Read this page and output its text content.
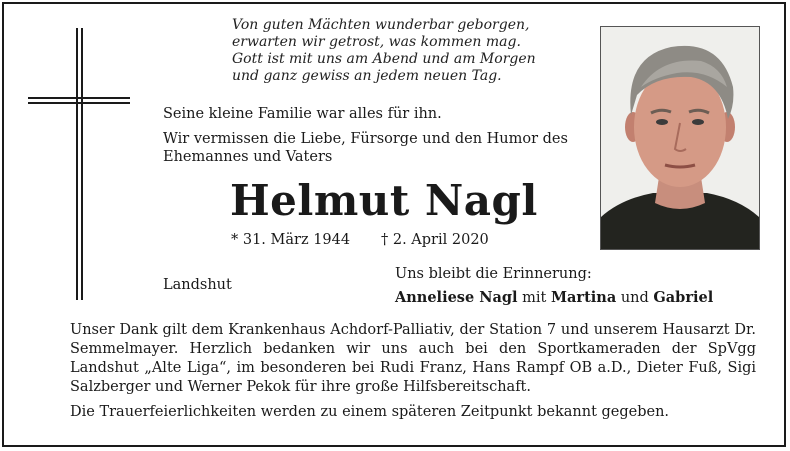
Von guten Mächten wunderbar geborgen,
erwarten wir getrost, was kommen mag.
Gott ist mit uns am Abend und am Morgen
und ganz gewiss an jedem neuen Tag.
Seine kleine Familie war alles für ihn.
Wir vermissen die Liebe, Fürsorge und den Humor des Ehemannes und Vaters
Helmut Nagl
* 31. März 1944 † 2. April 2020
Landshut
Uns bleibt die Erinnerung:
Anneliese Nagl mit Martina und Gabriel
Unser Dank gilt dem Krankenhaus Achdorf-Palliativ, der Station 7 und unserem Hausarzt Dr. Semmelmayer. Herzlich bedanken wir uns auch bei den Sportkameraden der SpVgg Landshut „Alte Liga“, im besonderen bei Rudi Franz, Hans Rampf OB a.D., Dieter Fuß, Sigi Salzberger und Werner Pekok für ihre große Hilfsbereitschaft.
Die Trauerfeierlichkeiten werden zu einem späteren Zeitpunkt bekannt gegeben.
